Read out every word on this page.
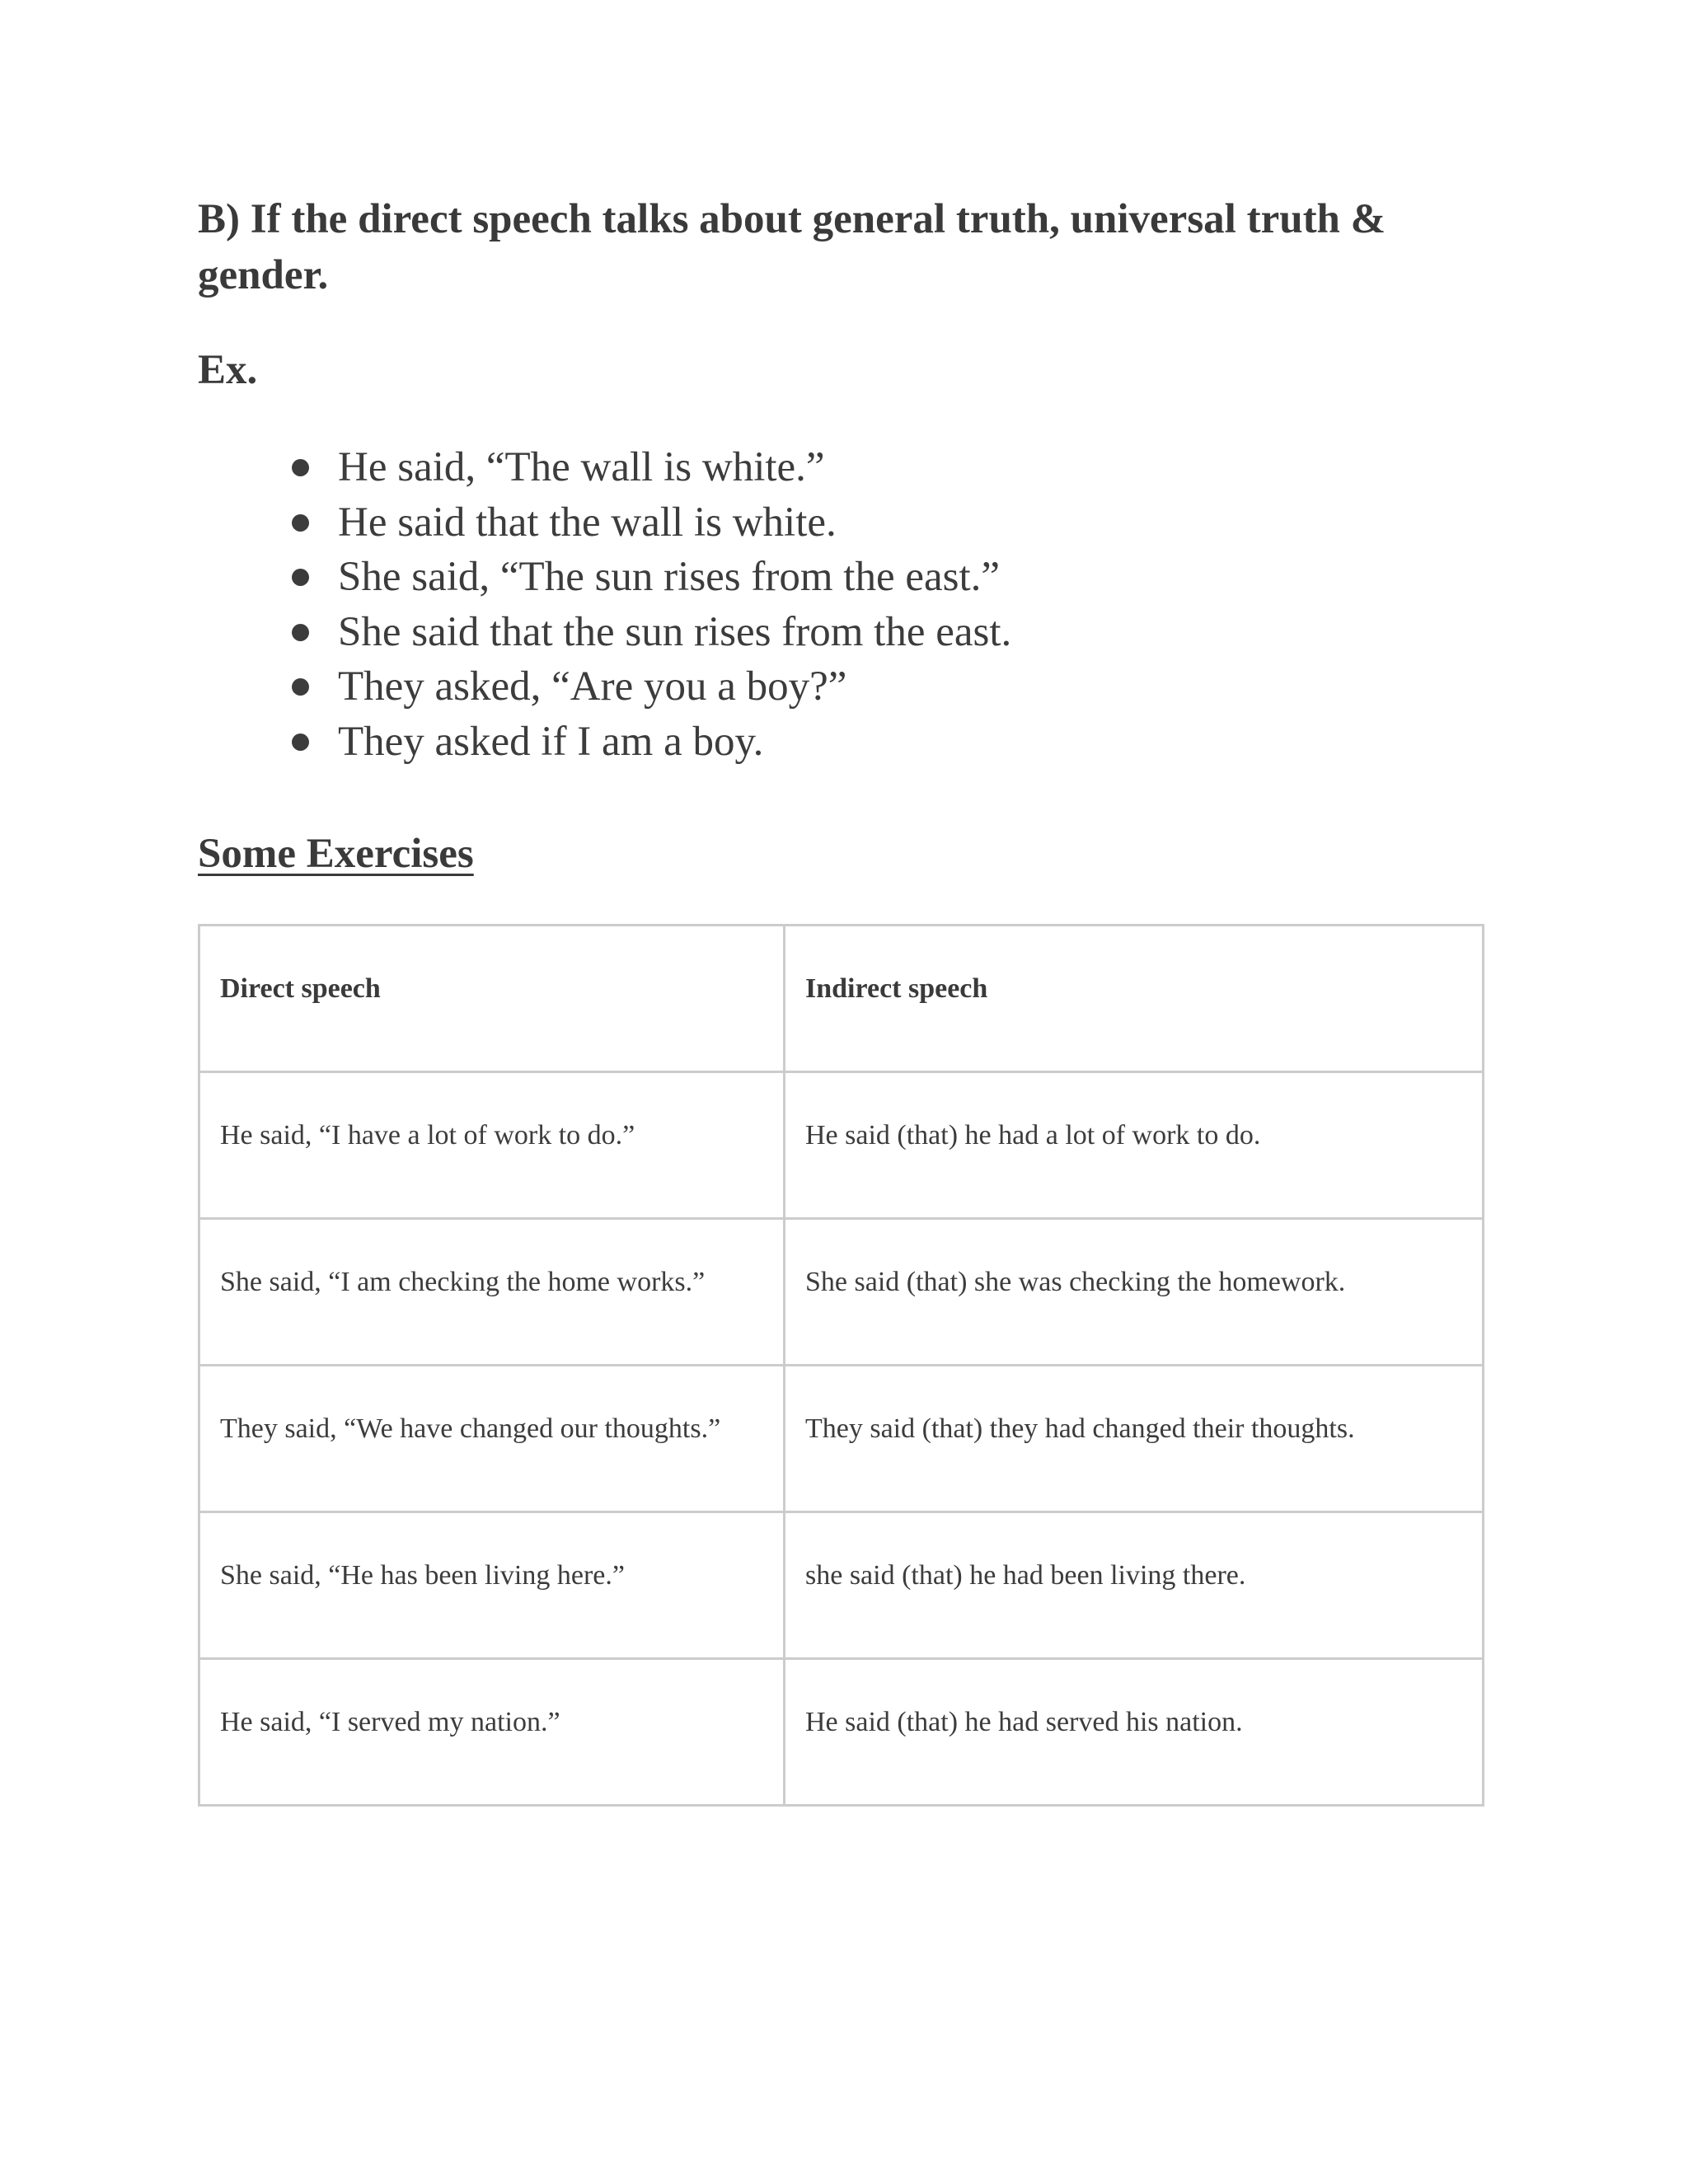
B) If the direct speech talks about general truth, universal truth & gender.
Ex.
He said, “The wall is white.”
He said that the wall is white.
She said, “The sun rises from the east.”
She said that the sun rises from the east.
They asked, “Are you a boy?”
They asked if I am a boy.
Some Exercises
Direct speech	Indirect speech
He said, “I have a lot of work to do.”	He said (that) he had a lot of work to do.
She said, “I am checking the home works.”	She said (that) she was checking the homework.
They said, “We have changed our thoughts.”	They said (that) they had changed their thoughts.
She said, “He has been living here.”	she said (that) he had been living there.
He said, “I served my nation.”	He said (that) he had served his nation.
